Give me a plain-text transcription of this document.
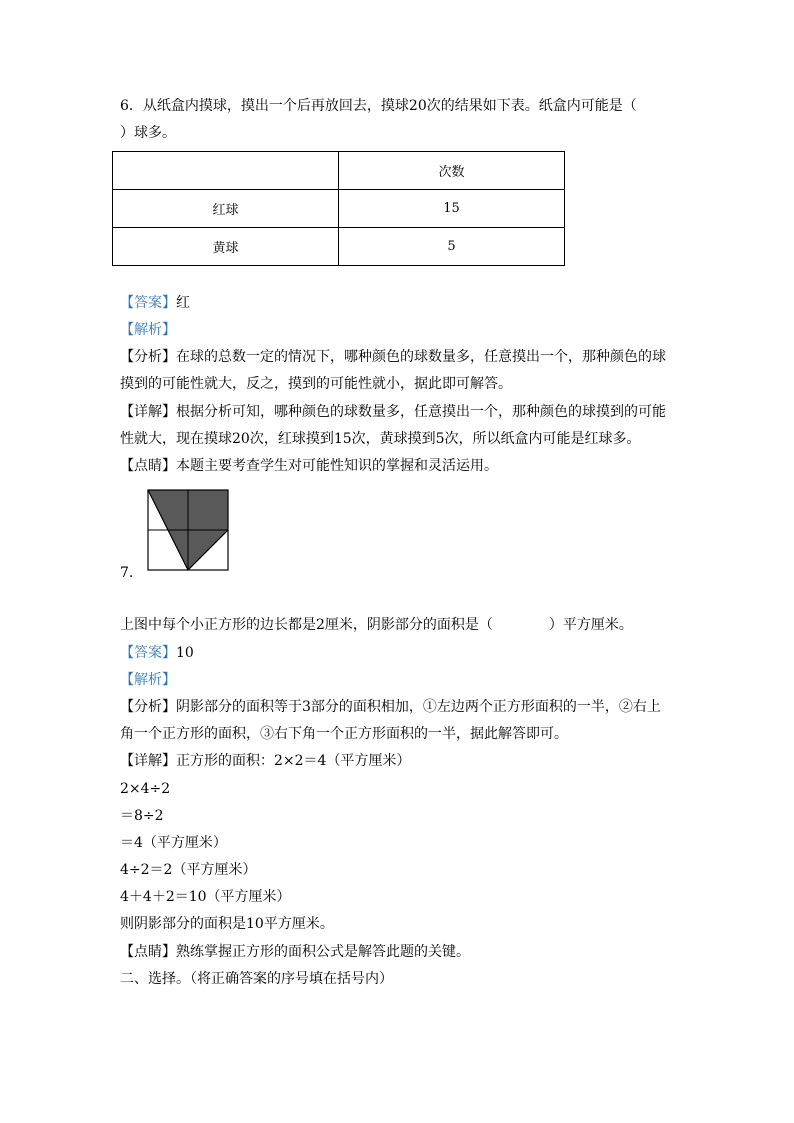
6．从纸盒内摸球，摸出一个后再放回去，摸球20次的结果如下表。纸盒内可能是（
）球多。
	次数
红球	15
黄球	5
【答案】红
【解析】
【分析】在球的总数一定的情况下，哪种颜色的球数量多，任意摸出一个，那种颜色的球
摸到的可能性就大，反之，摸到的可能性就小，据此即可解答。
【详解】根据分析可知，哪种颜色的球数量多，任意摸出一个，那种颜色的球摸到的可能
性就大，现在摸球20次，红球摸到15次，黄球摸到5次，所以纸盒内可能是红球多。
【点睛】本题主要考查学生对可能性知识的掌握和灵活运用。
7.
上图中每个小正方形的边长都是2厘米，阴影部分的面积是（　　　　）平方厘米。
【答案】10
【解析】
【分析】阴影部分的面积等于3部分的面积相加，①左边两个正方形面积的一半，②右上
角一个正方形的面积，③右下角一个正方形面积的一半，据此解答即可。
【详解】正方形的面积：2×2＝4（平方厘米）
2×4÷2
＝8÷2
＝4（平方厘米）
4÷2＝2（平方厘米）
4＋4＋2＝10（平方厘米）
则阴影部分的面积是10平方厘米。
【点睛】熟练掌握正方形的面积公式是解答此题的关键。
二、选择。（将正确答案的序号填在括号内）
